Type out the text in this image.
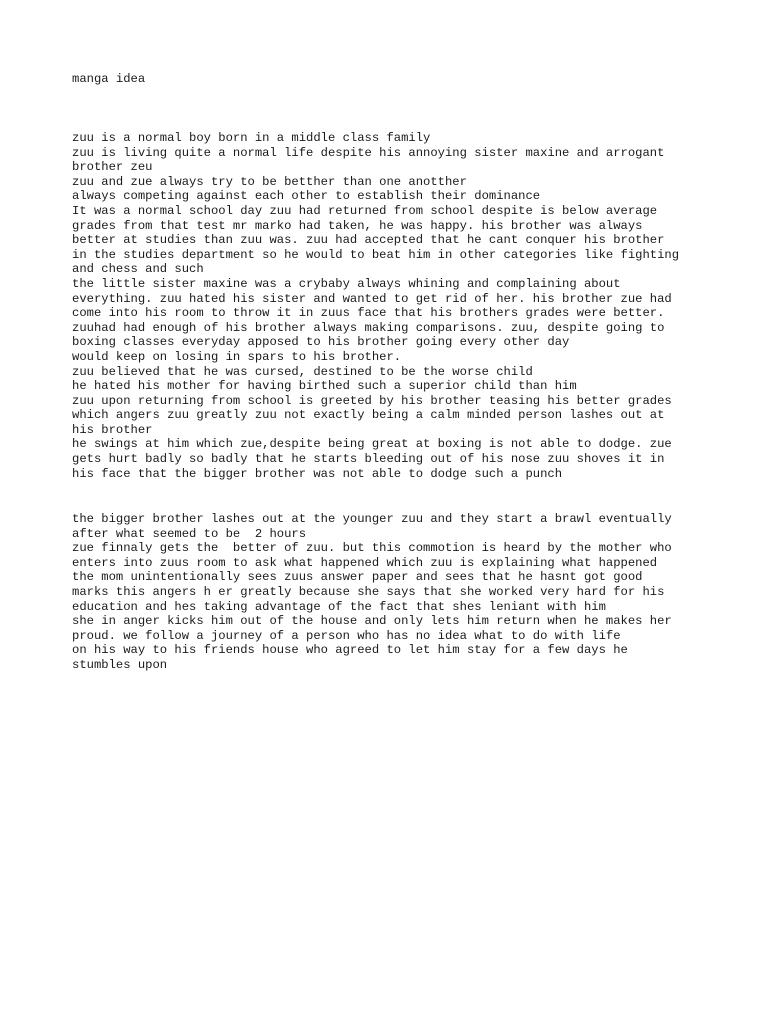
manga idea
zuu is a normal boy born in a middle class family
zuu is living quite a normal life despite his annoying sister maxine and arrogant
brother zeu
zuu and zue always try to be betther than one anotther
always competing against each other to establish their dominance
It was a normal school day zuu had returned from school despite is below average
grades from that test mr marko had taken, he was happy. his brother was always
better at studies than zuu was. zuu had accepted that he cant conquer his brother
in the studies department so he would to beat him in other categories like fighting
and chess and such
the little sister maxine was a crybaby always whining and complaining about
everything. zuu hated his sister and wanted to get rid of her. his brother zue had
come into his room to throw it in zuus face that his brothers grades were better.
zuuhad had enough of his brother always making comparisons. zuu, despite going to
boxing classes everyday apposed to his brother going every other day
would keep on losing in spars to his brother.
zuu believed that he was cursed, destined to be the worse child
he hated his mother for having birthed such a superior child than him
zuu upon returning from school is greeted by his brother teasing his better grades
which angers zuu greatly zuu not exactly being a calm minded person lashes out at
his brother
he swings at him which zue,despite being great at boxing is not able to dodge. zue
gets hurt badly so badly that he starts bleeding out of his nose zuu shoves it in
his face that the bigger brother was not able to dodge such a punch
the bigger brother lashes out at the younger zuu and they start a brawl eventually
after what seemed to be  2 hours
zue finnaly gets the  better of zuu. but this commotion is heard by the mother who
enters into zuus room to ask what happened which zuu is explaining what happened
the mom unintentionally sees zuus answer paper and sees that he hasnt got good
marks this angers h er greatly because she says that she worked very hard for his
education and hes taking advantage of the fact that shes leniant with him
she in anger kicks him out of the house and only lets him return when he makes her
proud. we follow a journey of a person who has no idea what to do with life
on his way to his friends house who agreed to let him stay for a few days he
stumbles upon
